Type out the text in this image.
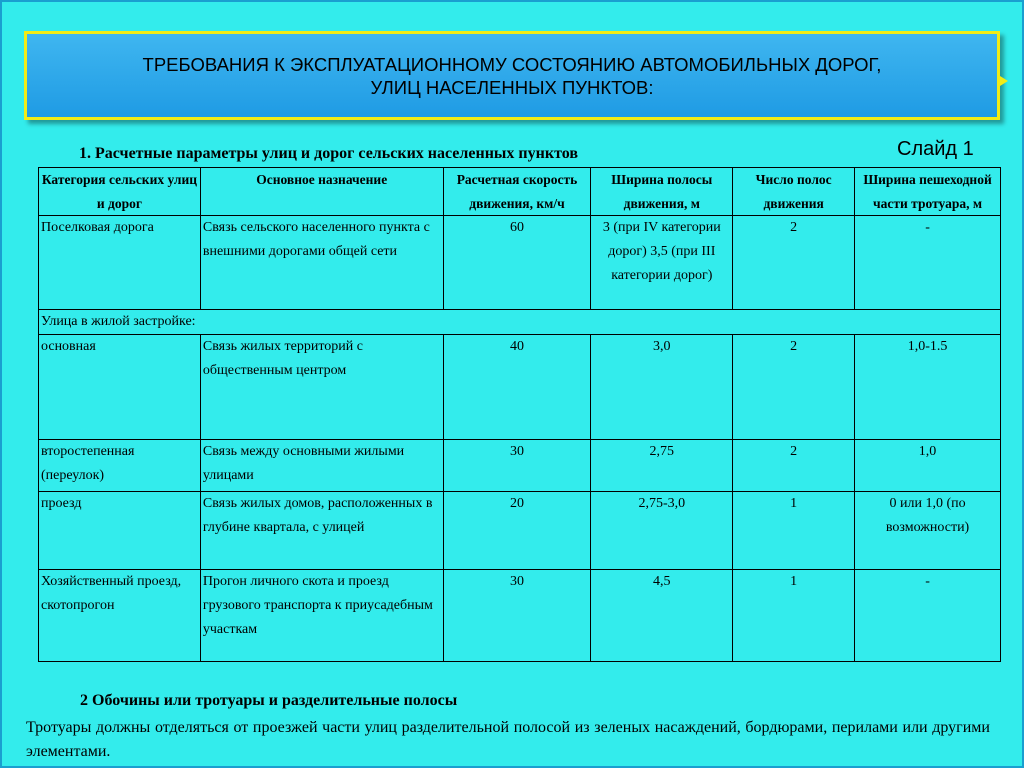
ТРЕБОВАНИЯ К ЭКСПЛУАТАЦИОННОМУ СОСТОЯНИЮ АВТОМОБИЛЬНЫХ ДОРОГ, УЛИЦ НАСЕЛЕННЫХ ПУНКТОВ:
1. Расчетные параметры улиц и дорог сельских населенных пунктов	Слайд 1
Категория сельских улиц и дорог	Основное назначение	Расчетная скорость движения, км/ч	Ширина полосы движения, м	Число полос движения	Ширина пешеходной части тротуара, м
Поселковая дорога	Связь сельского населенного пункта с внешними дорогами общей сети	60	3 (при IV категории дорог) 3,5 (при III категории дорог)	2	-
Улица в жилой застройке:					
основная	Связь жилых территорий с общественным центром	40	3,0	2	1,0-1.5
второстепенная (переулок)	Связь между основными жилыми улицами	30	2,75	2	1,0
проезд	Связь жилых домов, расположенных в глубине квартала, с улицей	20	2,75-3,0	1	0 или 1,0 (по возможности)
Хозяйственный проезд, скотопрогон	Прогон личного скота и проезд грузового транспорта к приусадебным участкам	30	4,5	1	-
2 Обочины или тротуары и разделительные полосы
Тротуары должны отделяться от проезжей части улиц разделительной полосой из зеленых насаждений, бордюрами, перилами или другими элементами.
